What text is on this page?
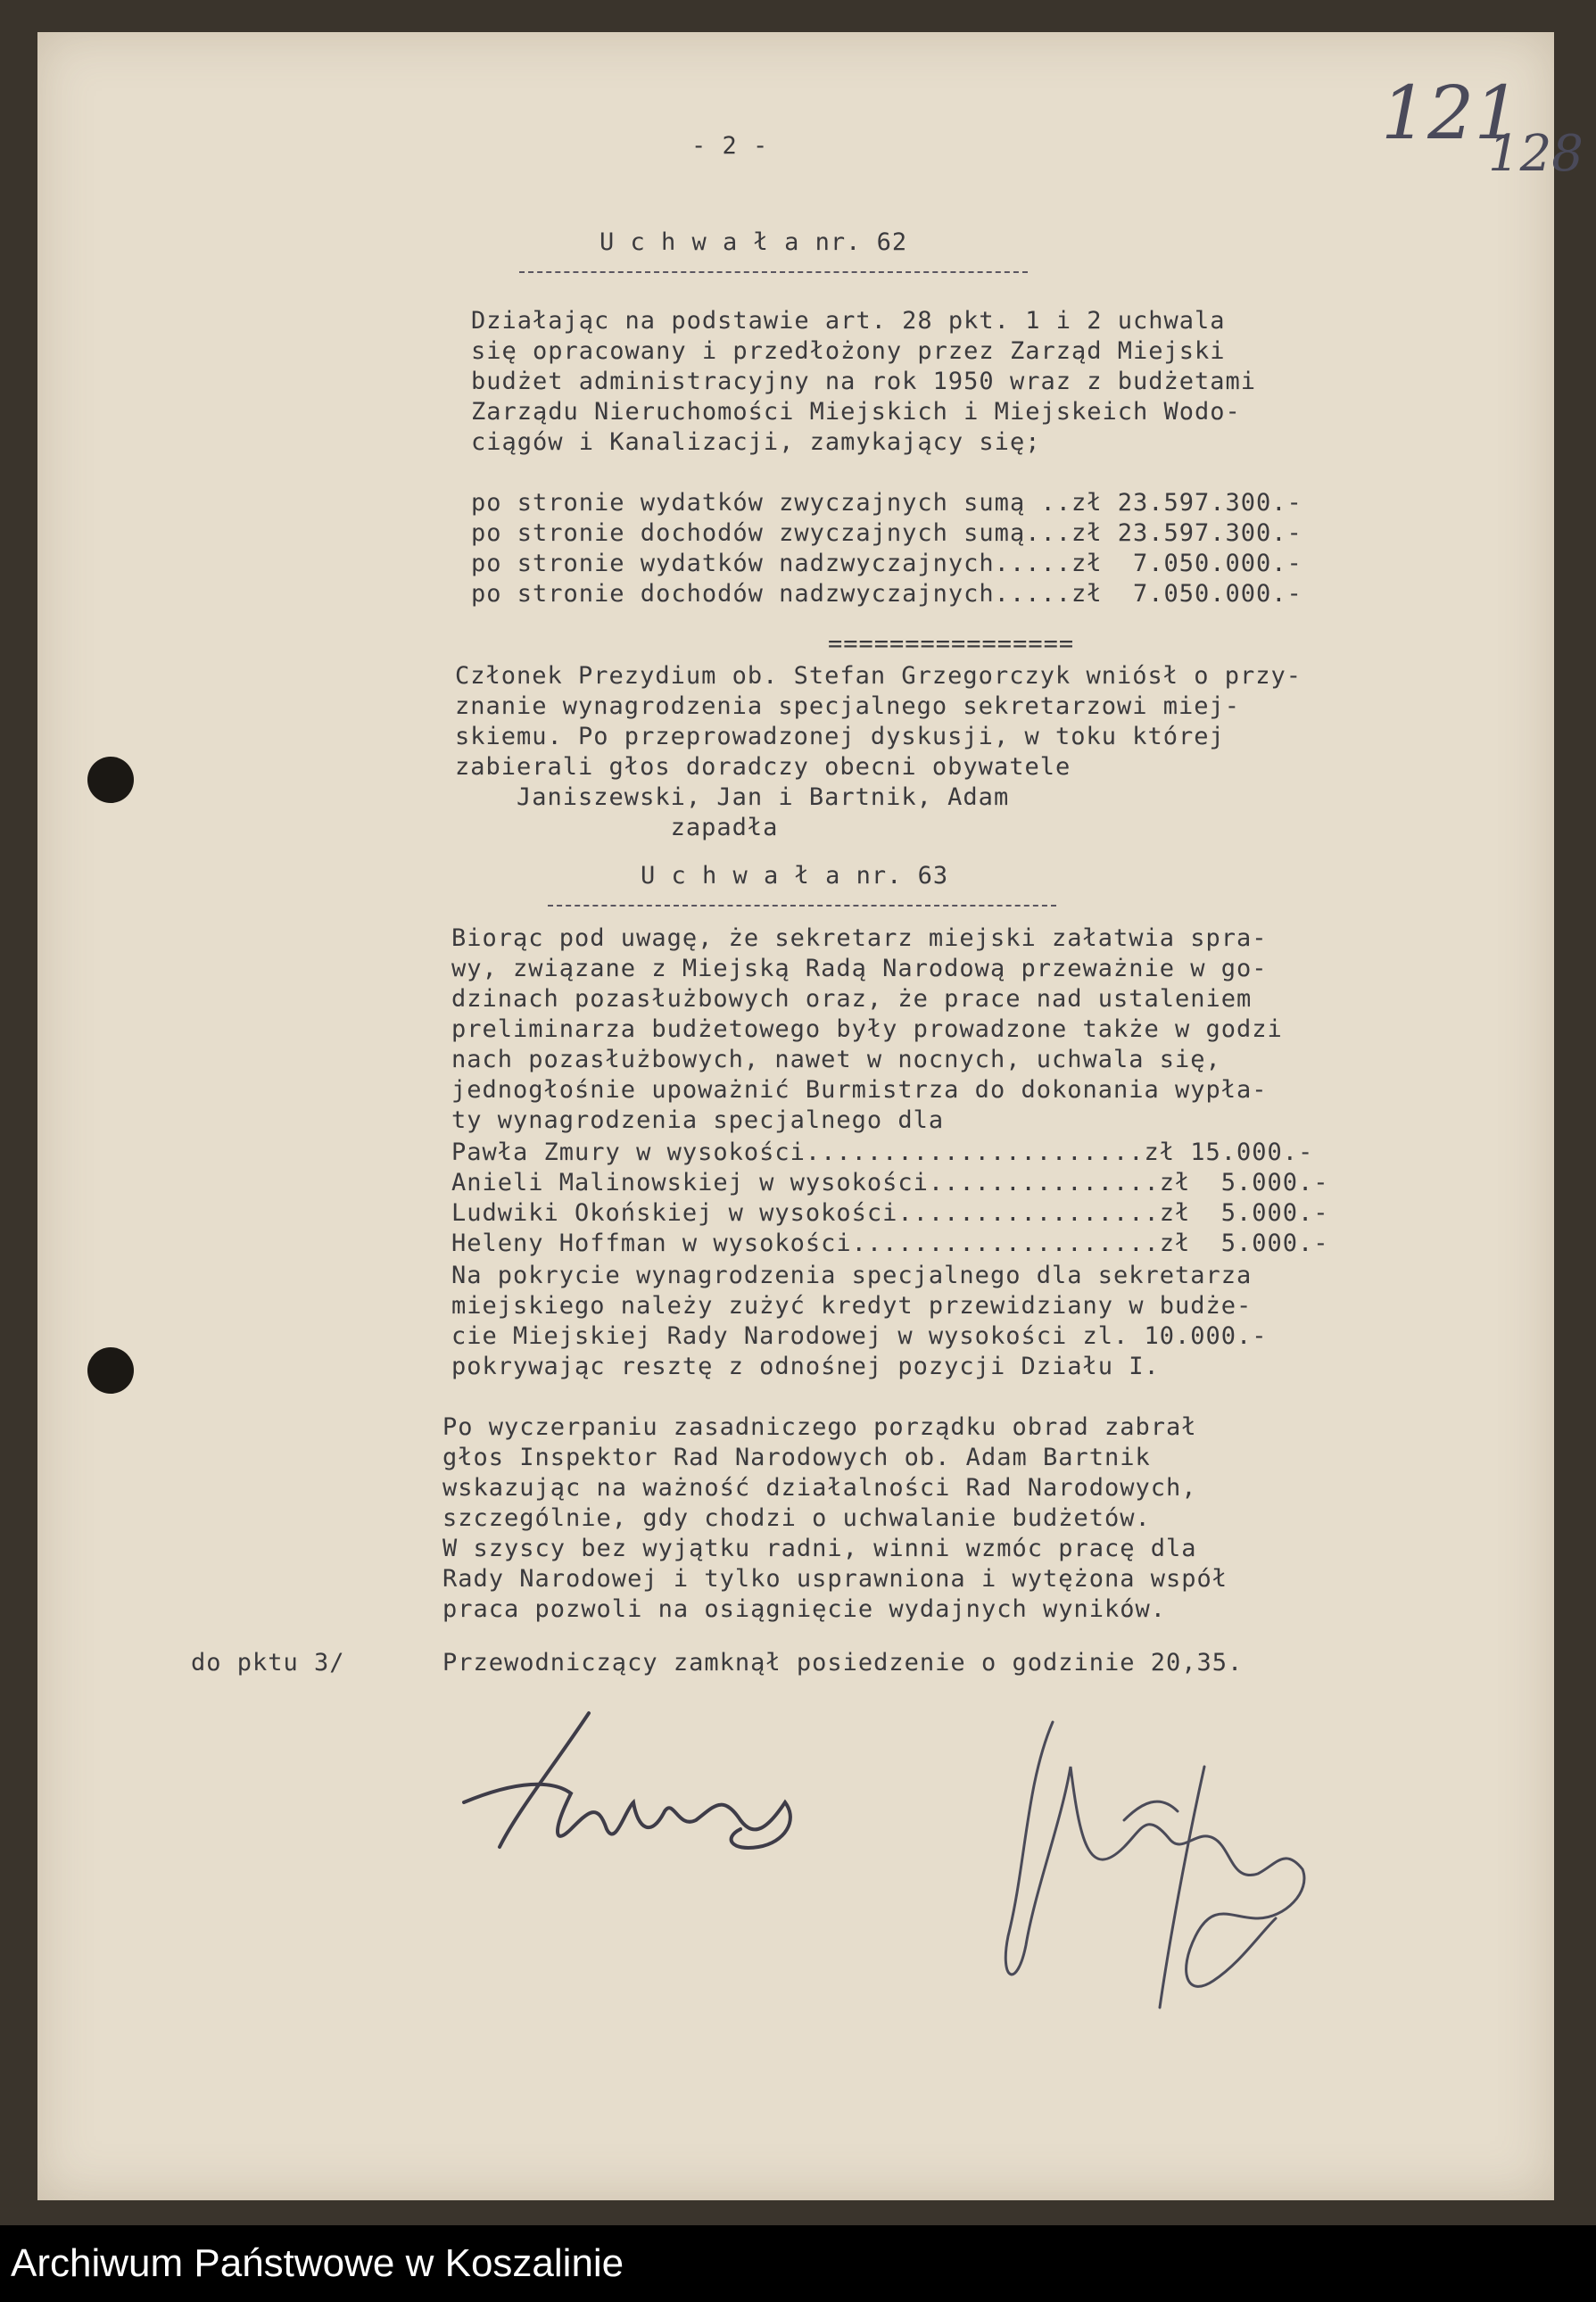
121
128
- 2 -
U c h w a ł a nr. 62
Działając na podstawie art. 28 pkt. 1 i 2 uchwala
się opracowany i przedłożony przez Zarząd Miejski
budżet administracyjny na rok 1950 wraz z budżetami
Zarządu Nieruchomości Miejskich i Miejskeich Wodo-
ciągów i Kanalizacji, zamykający się;
po stronie wydatków zwyczajnych sumą ..zł 23.597.300.-
po stronie dochodów zwyczajnych sumą...zł 23.597.300.-
po stronie wydatków nadzwyczajnych.....zł  7.050.000.-
po stronie dochodów nadzwyczajnych.....zł  7.050.000.-
================
Członek Prezydium ob. Stefan Grzegorczyk wniósł o przy-
znanie wynagrodzenia specjalnego sekretarzowi miej-
skiemu. Po przeprowadzonej dyskusji, w toku której
zabierali głos doradczy obecni obywatele
Janiszewski, Jan i Bartnik, Adam
zapadła
U c h w a ł a nr. 63
Biorąc pod uwagę, że sekretarz miejski załatwia spra-
wy, związane z Miejską Radą Narodową przeważnie w go-
dzinach pozasłużbowych oraz, że prace nad ustaleniem
preliminarza budżetowego były prowadzone także w godzi
nach pozasłużbowych, nawet w nocnych, uchwala się,
jednogłośnie upoważnić Burmistrza do dokonania wypła-
ty wynagrodzenia specjalnego dla
Pawła Zmury w wysokości......................zł 15.000.-
Anieli Malinowskiej w wysokości...............zł  5.000.-
Ludwiki Okońskiej w wysokości.................zł  5.000.-
Heleny Hoffman w wysokości....................zł  5.000.-
Na pokrycie wynagrodzenia specjalnego dla sekretarza
miejskiego należy zużyć kredyt przewidziany w budże-
cie Miejskiej Rady Narodowej w wysokości zl. 10.000.-
pokrywając resztę z odnośnej pozycji Działu I.
Po wyczerpaniu zasadniczego porządku obrad zabrał
głos Inspektor Rad Narodowych ob. Adam Bartnik
wskazując na ważność działalności Rad Narodowych,
szczególnie, gdy chodzi o uchwalanie budżetów.
W szyscy bez wyjątku radni, winni wzmóc pracę dla
Rady Narodowej i tylko usprawniona i wytężona współ
praca pozwoli na osiągnięcie wydajnych wyników.
do pktu 3/	Przewodniczący zamknął posiedzenie o godzinie 20,35.
Archiwum Państwowe w Koszalinie
